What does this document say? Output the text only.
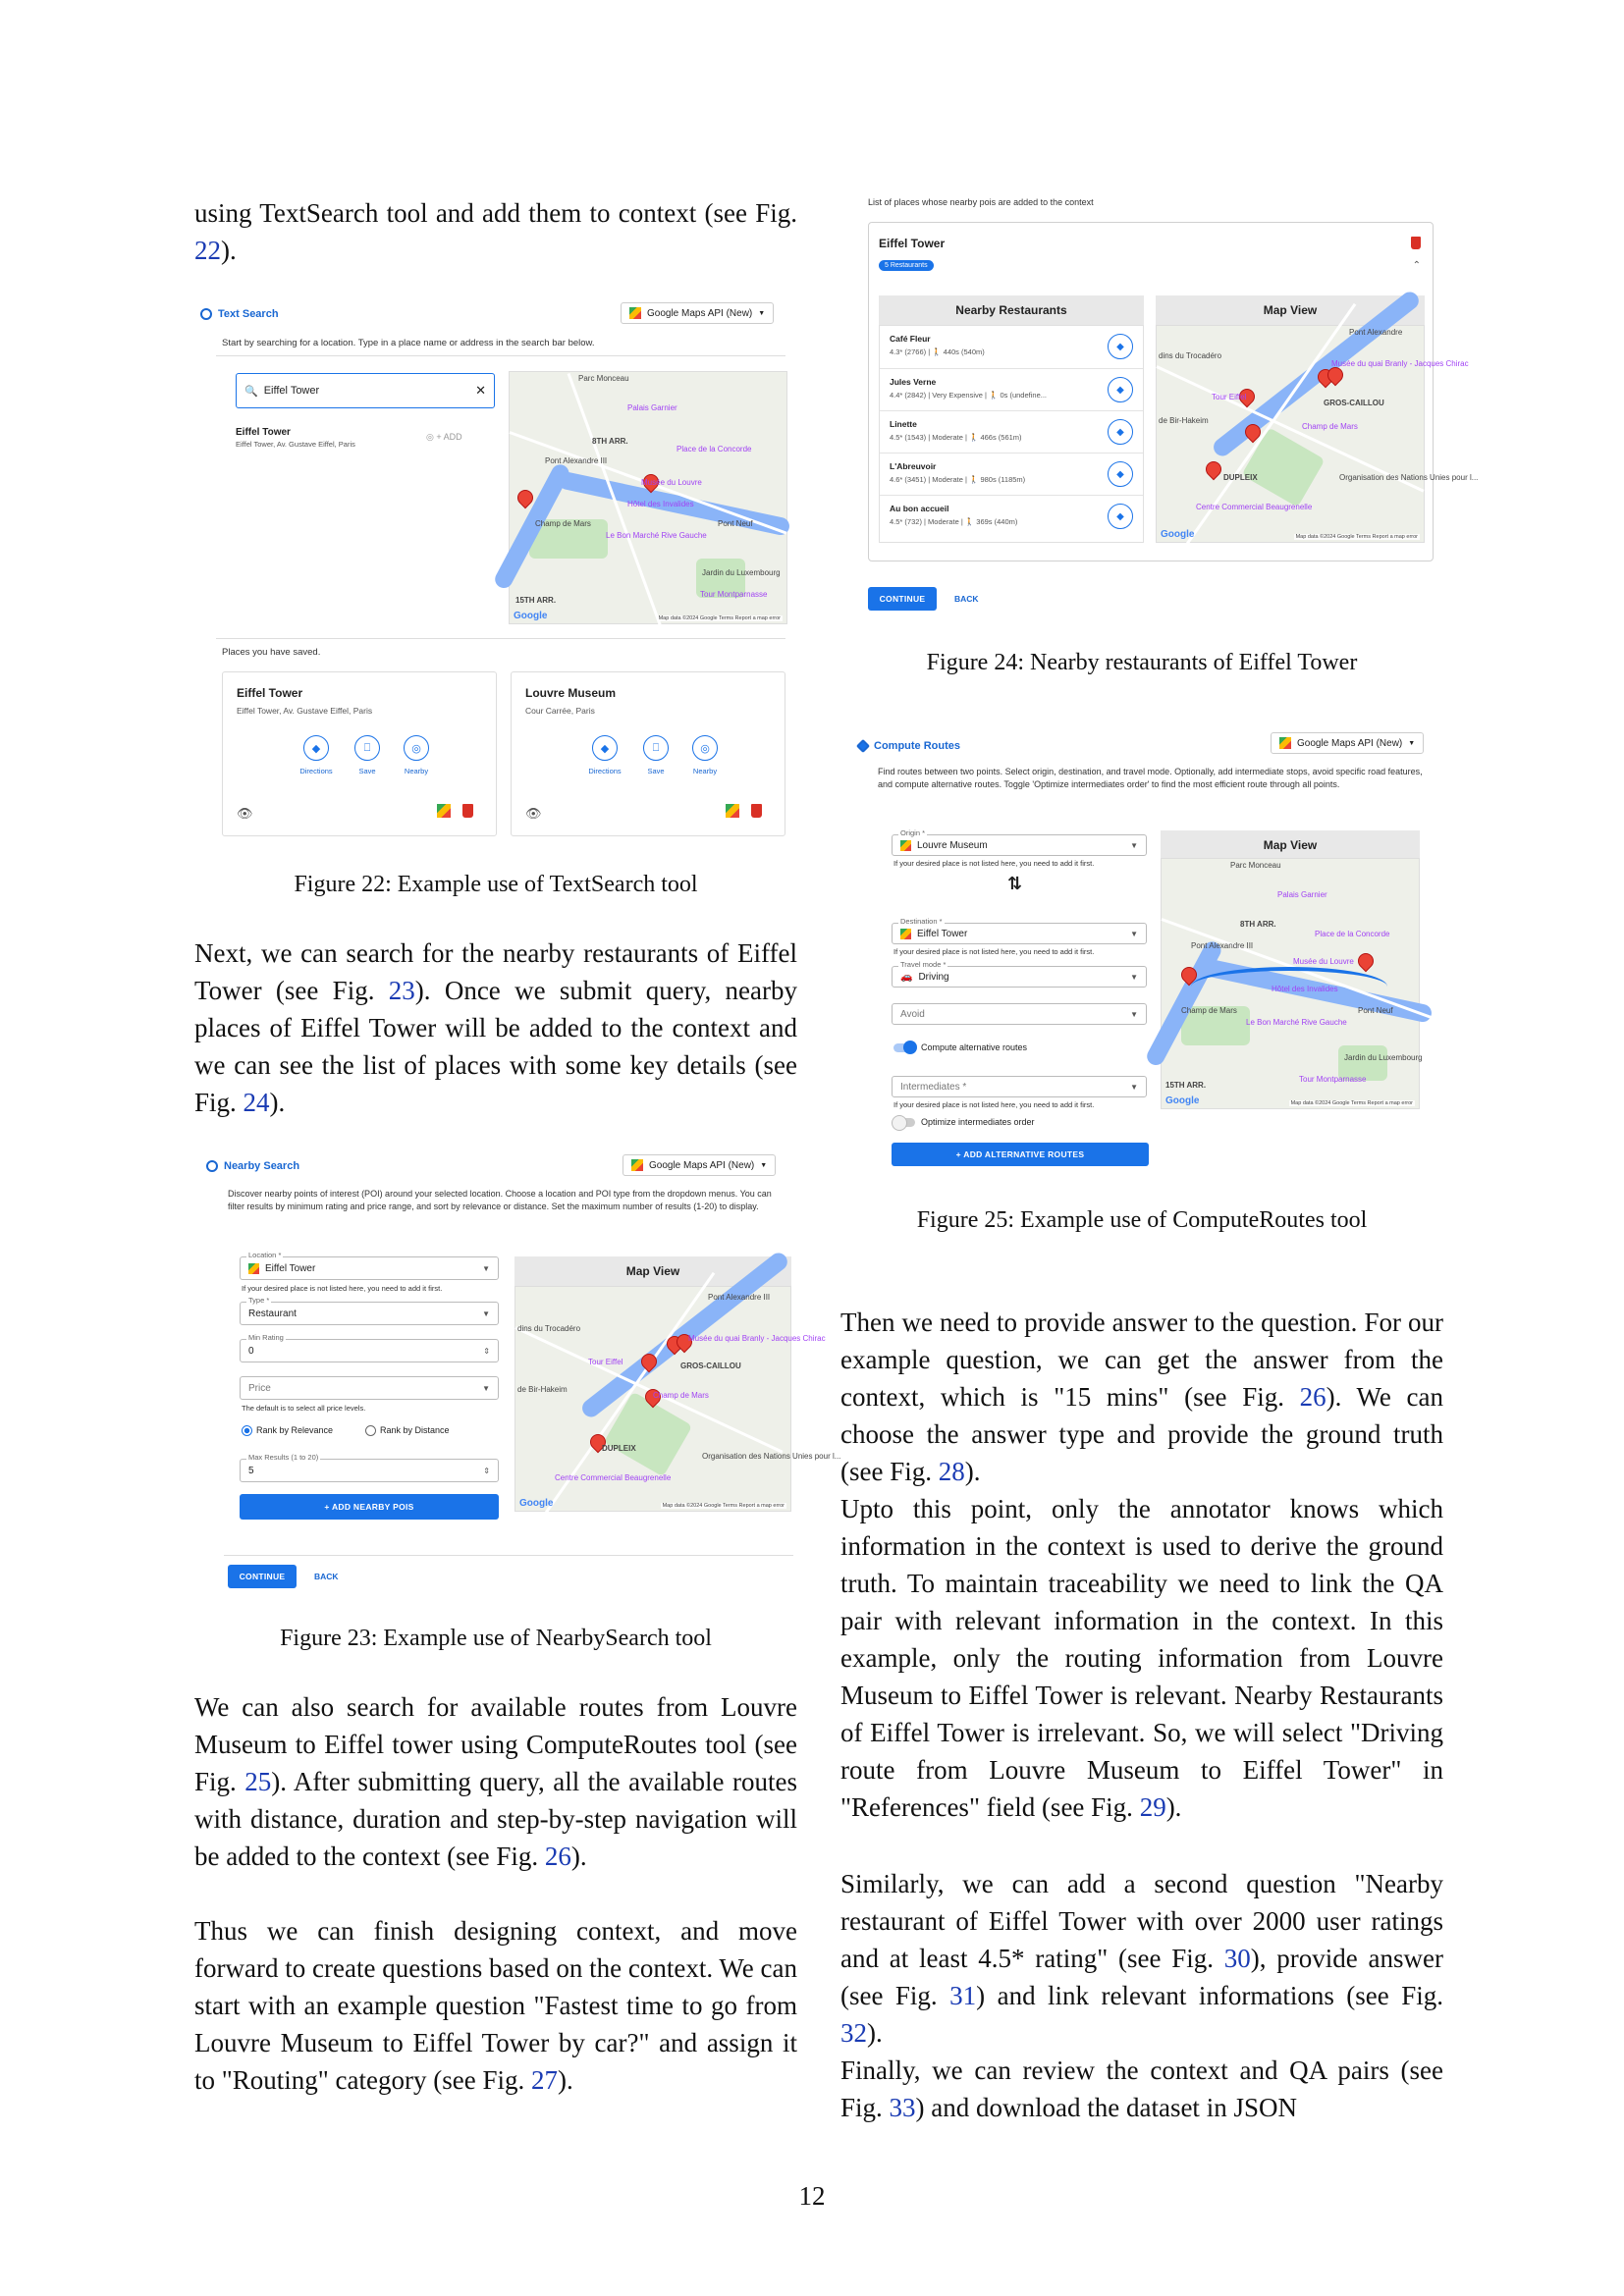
using TextSearch tool and add them to context (see Fig. 22).

Text Search	Google Maps API (New) ▼
Start by searching for a location. Type in a place name or address in the search bar below.
🔍 Eiffel Tower	✕
Eiffel Tower
Eiffel Tower, Av. Gustave Eiffel, Paris
◎ + ADD
Parc Monceau
Palais Garnier
8TH ARR.
Place de la Concorde
Pont Alexandre III
Musée du Louvre
Hôtel des Invalides
Champ de Mars	Pont Neuf
Le Bon Marché Rive Gauche
Jardin du Luxembourg
Tour Montparnasse
15TH ARR.
Google	Map data ©2024 Google Terms Report a map error
Places you have saved.
Eiffel Tower
Eiffel Tower, Av. Gustave Eiffel, Paris
◆	⎕	◎
Directions	Save	Nearby
👁
Louvre Museum
Cour Carrée, Paris
◆	⎕	◎
Directions	Save	Nearby
👁
Figure 22: Example use of TextSearch tool

Next, we can search for the nearby restaurants of Eiffel Tower (see Fig. 23). Once we submit query, nearby places of Eiffel Tower will be added to the context and we can see the list of places with some key details (see Fig. 24).

Nearby Search	Google Maps API (New) ▼
Discover nearby points of interest (POI) around your selected location. Choose a location and POI type from the dropdown menus. You can filter results by minimum rating and price range, and sort by relevance or distance. Set the maximum number of results (1-20) to display.
Location *
Eiffel Tower	▼
If your desired place is not listed here, you need to add it first.
Type *
Restaurant	▼
Min Rating
0	⇕
Price	▼
The default is to select all price levels.
Rank by Relevance	Rank by Distance
Max Results (1 to 20)
5	⇕
+ ADD NEARBY POIS
Map View
Pont Alexandre III
dins du Trocadéro
Musée du quai Branly - Jacques Chirac
Tour Eiffel	GROS-CAILLOU
de Bir-Hakeim
Champ de Mars
DUPLEIX
Organisation des Nations Unies pour l...
Centre Commercial Beaugrenelle
Google	Map data ©2024 Google Terms Report a map error
CONTINUE	BACK
Figure 23: Example use of NearbySearch tool

We can also search for available routes from Louvre Museum to Eiffel tower using ComputeRoutes tool (see Fig. 25). After submitting query, all the available routes with distance, duration and step-by-step navigation will be added to the context (see Fig. 26).

Thus we can finish designing context, and move forward to create questions based on the context. We can start with an example question "Fastest time to go from Louvre Museum to Eiffel Tower by car?" and assign it to "Routing" category (see Fig. 27).

List of places whose nearby pois are added to the context
Eiffel Tower
5 Restaurants	⌃
Nearby Restaurants
Café Fleur
4.3* (2766) | 🚶 440s (540m)	◆
Jules Verne
4.4* (2842) | Very Expensive | 🚶 0s (undefine...	◆
Linette
4.5* (1543) | Moderate | 🚶 466s (561m)	◆
L'Abreuvoir
4.6* (3451) | Moderate | 🚶 980s (1185m)	◆
Au bon accueil
4.5* (732) | Moderate | 🚶 369s (440m)	◆
Map View
Pont Alexandre
dins du Trocadéro
Musée du quai Branly - Jacques Chirac
Tour Eiffel
GROS-CAILLOU
de Bir-Hakeim
Champ de Mars
DUPLEIX	Organisation des Nations Unies pour l...
Centre Commercial Beaugrenelle
Google	Map data ©2024 Google Terms Report a map error
CONTINUE	BACK
Figure 24: Nearby restaurants of Eiffel Tower
Compute Routes	Google Maps API (New) ▼
Find routes between two points. Select origin, destination, and travel mode. Optionally, add intermediate stops, avoid specific road features, and compute alternative routes. Toggle 'Optimize intermediates order' to find the most efficient route through all points.
Origin *
Louvre Museum	▼
If your desired place is not listed here, you need to add it first.
⇅
Destination *
Eiffel Tower	▼
If your desired place is not listed here, you need to add it first.
Travel mode *
🚗 Driving	▼
Avoid	▼
Compute alternative routes
Intermediates *	▼
If your desired place is not listed here, you need to add it first.
Optimize intermediates order
+ ADD ALTERNATIVE ROUTES
Map View
Parc Monceau
Palais Garnier
8TH ARR.
Place de la Concorde
Pont Alexandre III
Musée du Louvre
Hôtel des Invalides
Champ de Mars	Pont Neuf
Le Bon Marché Rive Gauche
Jardin du Luxembourg
Tour Montparnasse
15TH ARR.
Google	Map data ©2024 Google Terms Report a map error
Figure 25: Example use of ComputeRoutes tool

Then we need to provide answer to the question. For our example question, we can get the answer from the context, which is "15 mins" (see Fig. 26). We can choose the answer type and provide the ground truth (see Fig. 28).

Upto this point, only the annotator knows which information in the context is used to derive the ground truth. To maintain traceability we need to link the QA pair with relevant information in the context. In this example, only the routing information from Louvre Museum to Eiffel Tower is relevant. Nearby Restaurants of Eiffel Tower is irrelevant. So, we will select "Driving route from Louvre Museum to Eiffel Tower" in "References" field (see Fig. 29).

Similarly, we can add a second question "Nearby restaurant of Eiffel Tower with over 2000 user ratings and at least 4.5* rating" (see Fig. 30), provide answer (see Fig. 31) and link relevant informations (see Fig. 32).

Finally, we can review the context and QA pairs (see Fig. 33) and download the dataset in JSON

12
